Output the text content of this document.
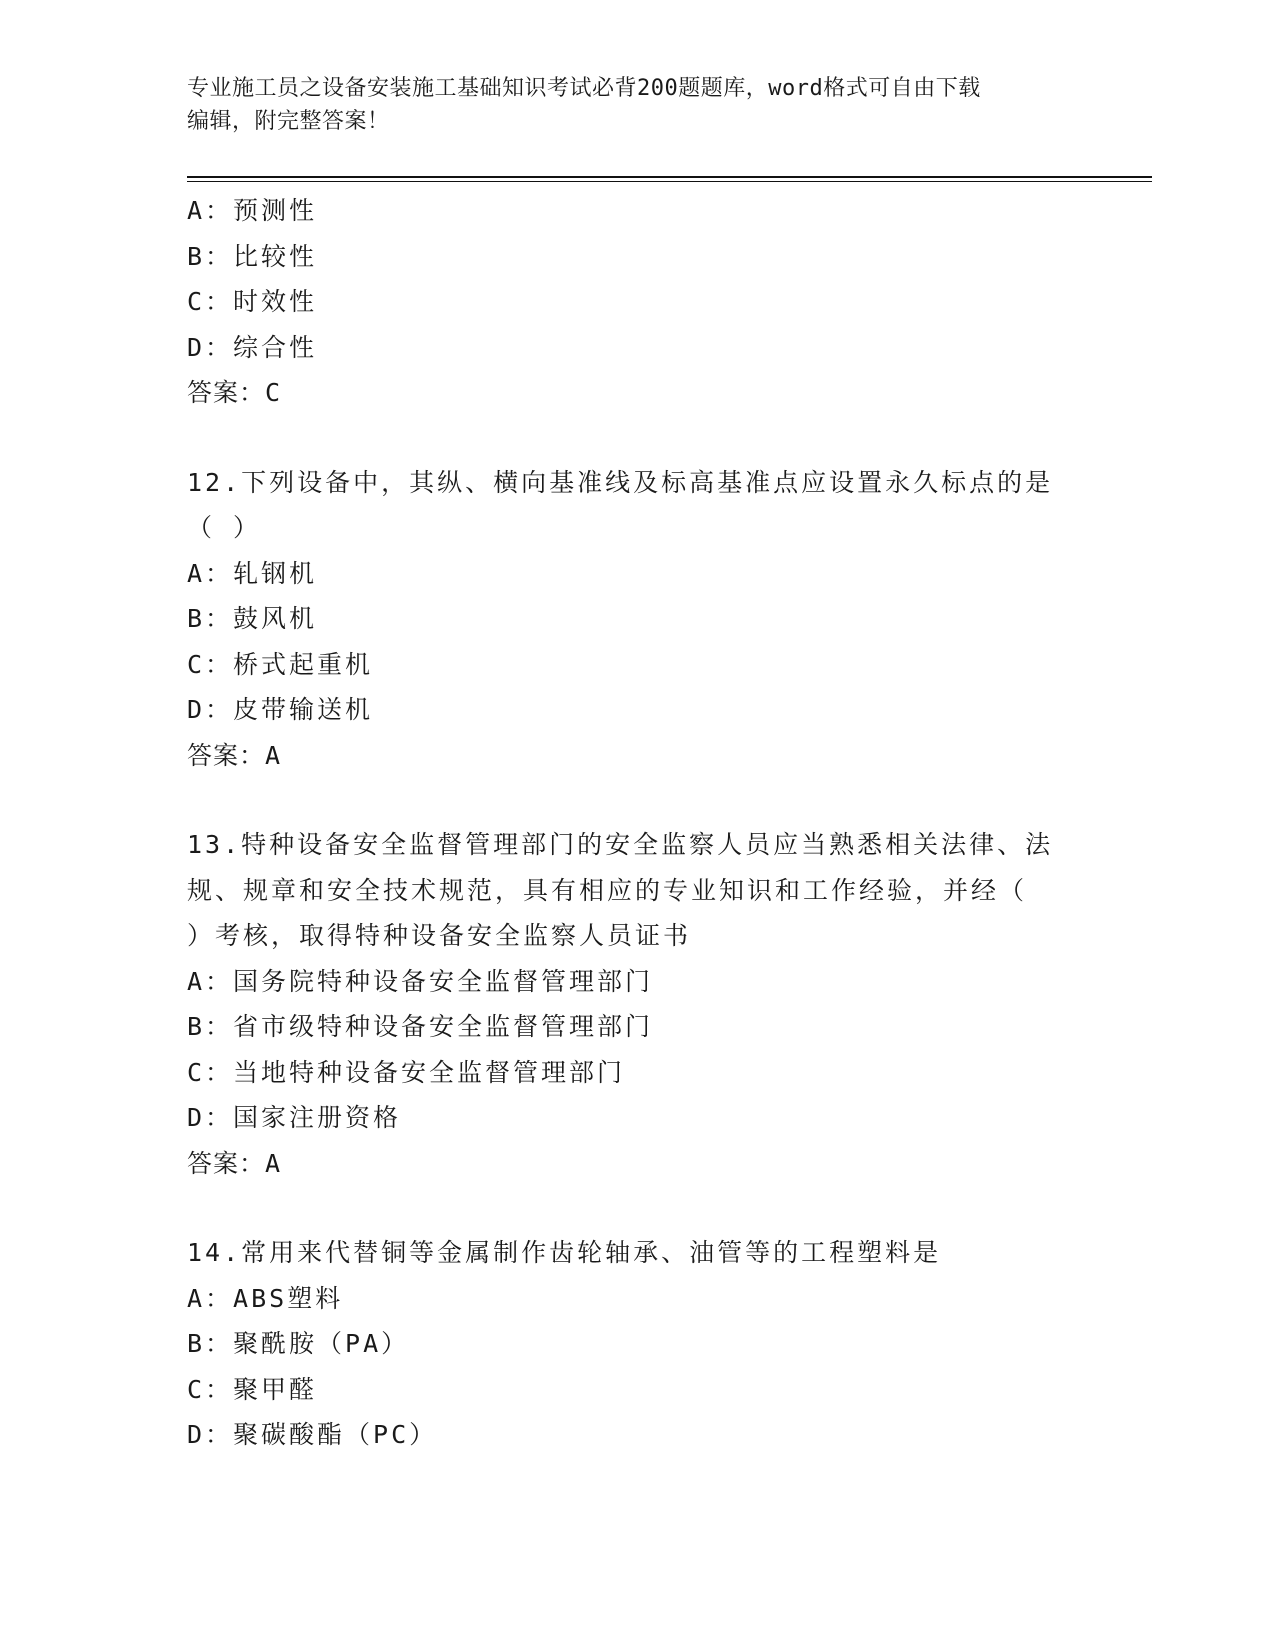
专业施工员之设备安装施工基础知识考试必背200题题库，word格式可自由下载
编辑，附完整答案！
A：预测性
B：比较性
C：时效性
D：综合性
答案：C
12.下列设备中，其纵、横向基准线及标高基准点应设置永久标点的是
（ ）
A：轧钢机
B：鼓风机
C：桥式起重机
D：皮带输送机
答案：A
13.特种设备安全监督管理部门的安全监察人员应当熟悉相关法律、法
规、规章和安全技术规范，具有相应的专业知识和工作经验，并经（
）考核，取得特种设备安全监察人员证书
A：国务院特种设备安全监督管理部门
B：省市级特种设备安全监督管理部门
C：当地特种设备安全监督管理部门
D：国家注册资格
答案：A
14.常用来代替铜等金属制作齿轮轴承、油管等的工程塑料是
A：ABS塑料
B：聚酰胺（PA）
C：聚甲醛
D：聚碳酸酯（PC）
